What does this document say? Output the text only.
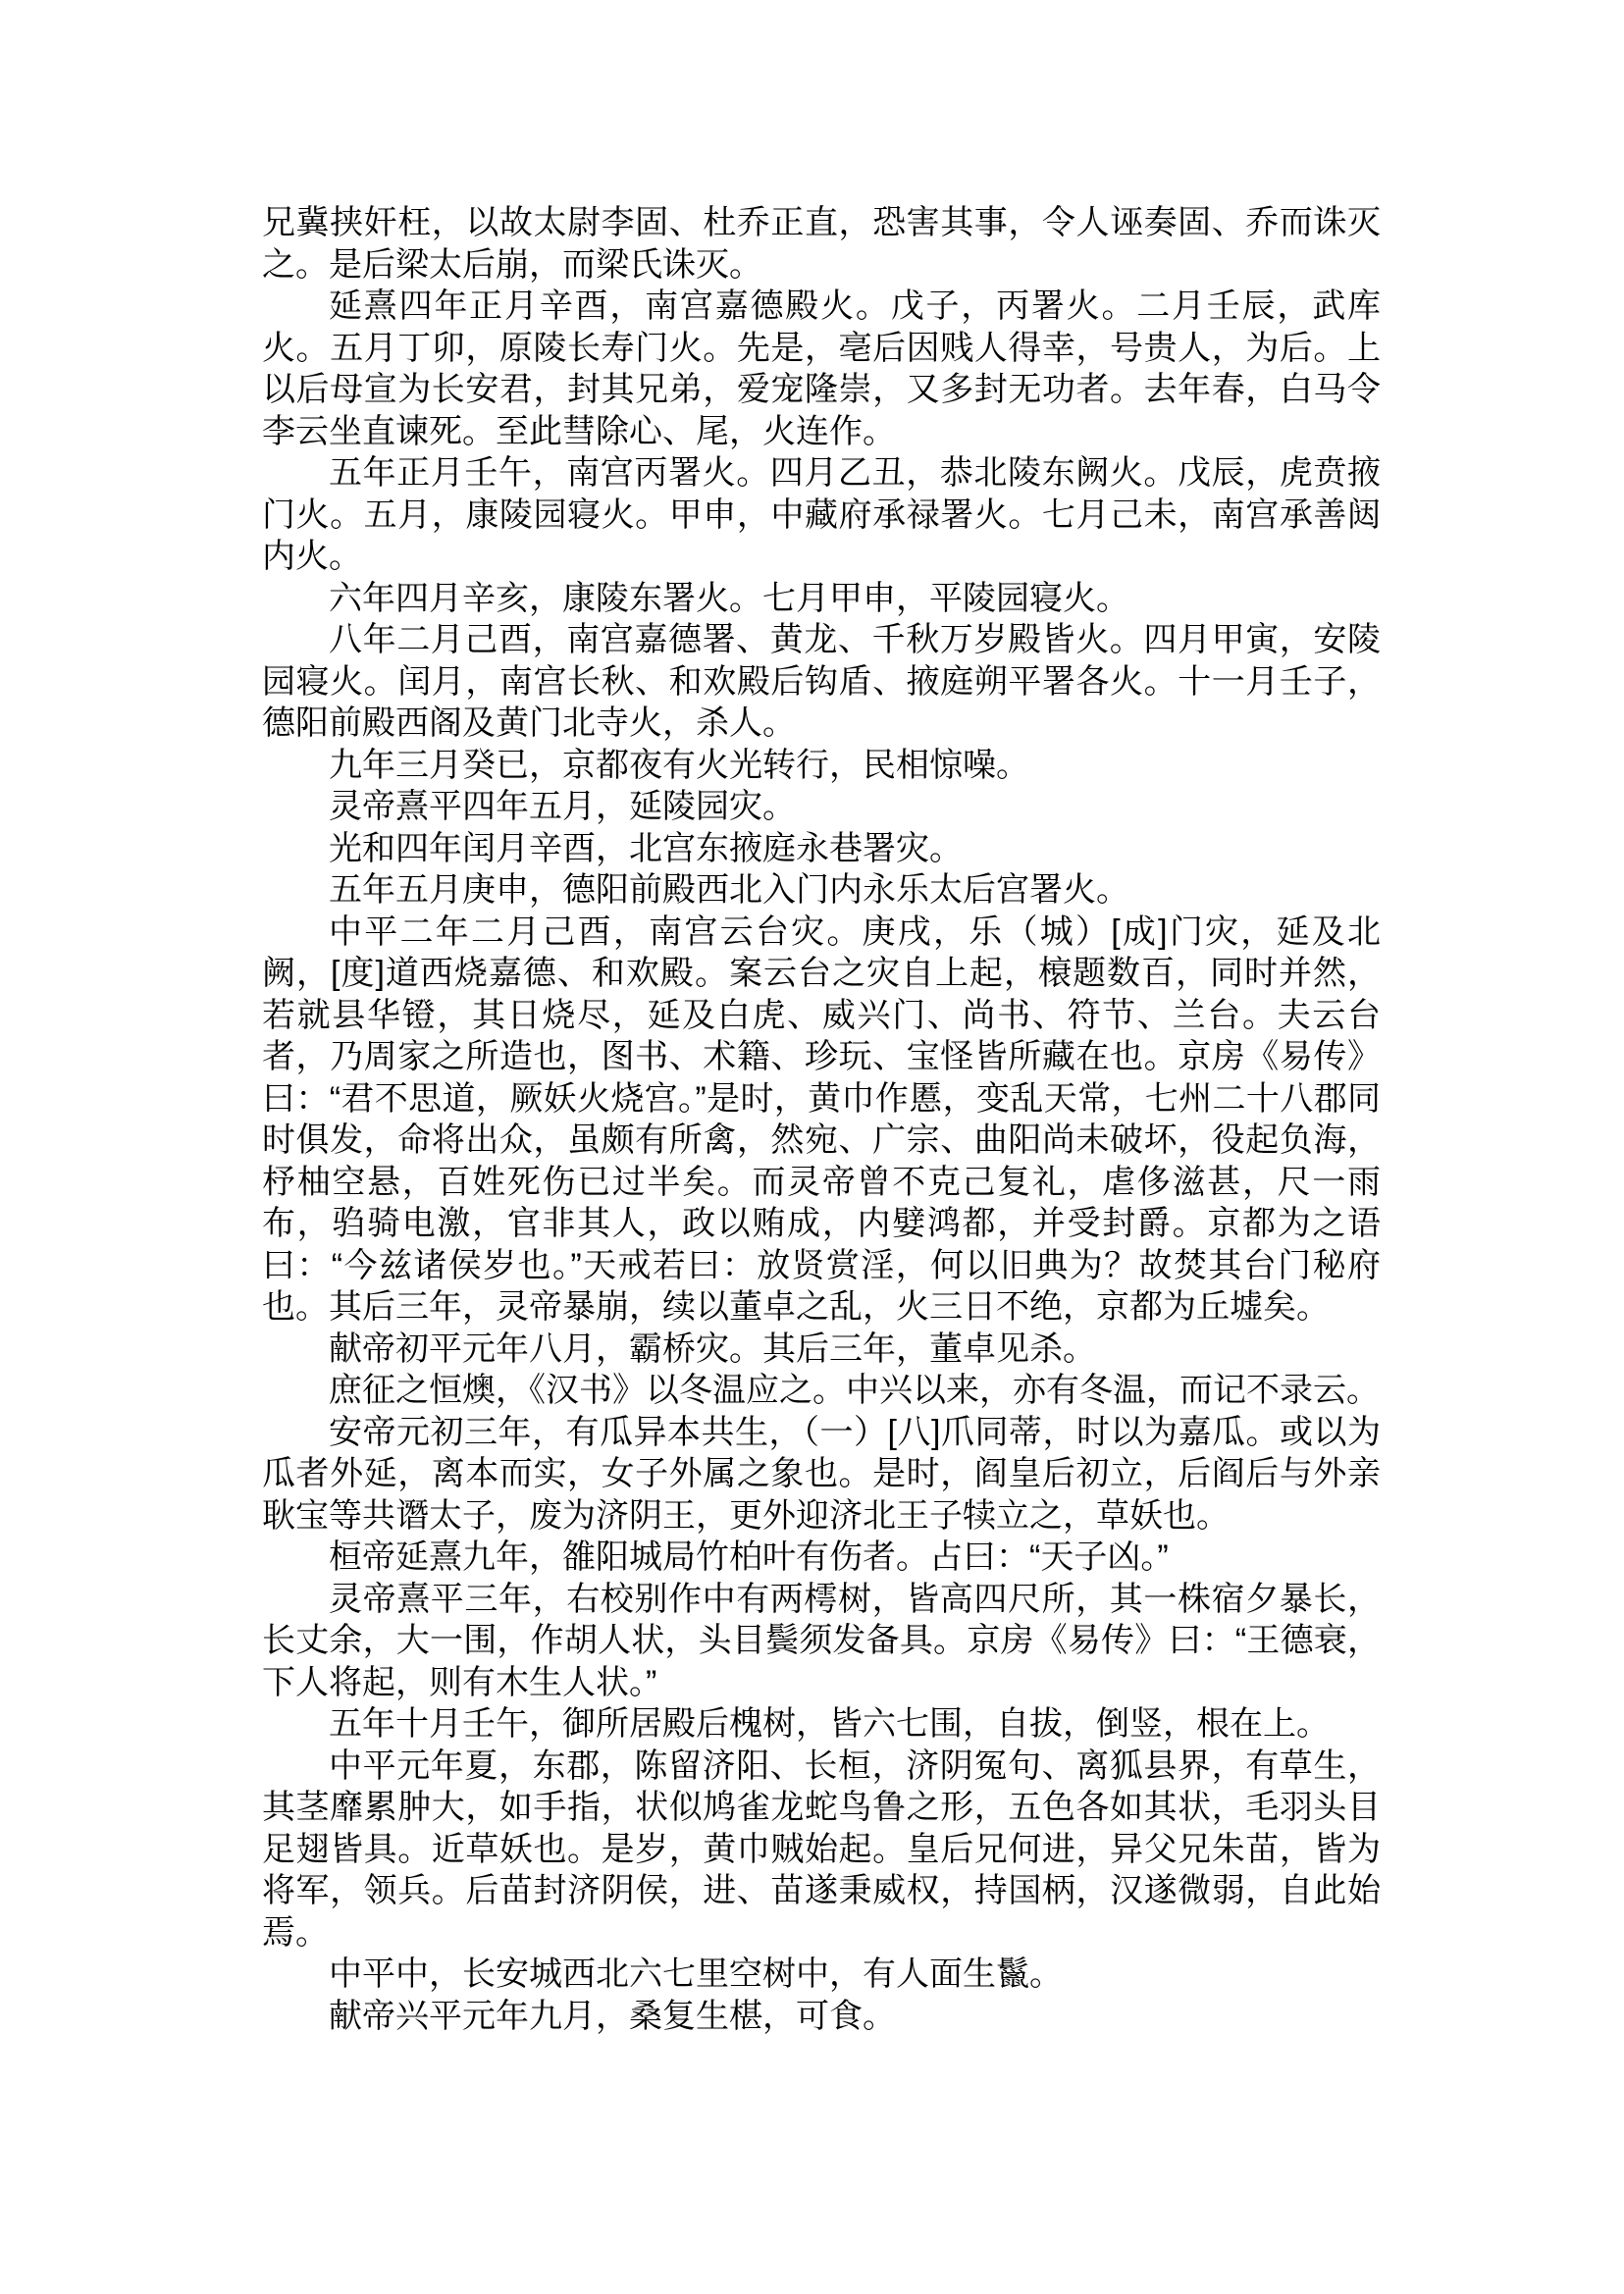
兄冀挟奸枉，以故太尉李固、杜乔正直，恐害其事，令人诬奏固、乔而诛灭之。是后梁太后崩，而梁氏诛灭。

延熹四年正月辛酉，南宫嘉德殿火。戊子，丙署火。二月壬辰，武库火。五月丁卯，原陵长寿门火。先是，亳后因贱人得幸，号贵人，为后。上以后母宣为长安君，封其兄弟，爱宠隆崇，又多封无功者。去年春，白马令李云坐直谏死。至此彗除心、尾，火连作。

五年正月壬午，南宫丙署火。四月乙丑，恭北陵东阙火。戊辰，虎贲掖门火。五月，康陵园寝火。甲申，中藏府承禄署火。七月己未，南宫承善闼内火。

六年四月辛亥，康陵东署火。七月甲申，平陵园寝火。

八年二月己酉，南宫嘉德署、黄龙、千秋万岁殿皆火。四月甲寅，安陵园寝火。闰月，南宫长秋、和欢殿后钩盾、掖庭朔平署各火。十一月壬子，德阳前殿西阁及黄门北寺火，杀人。

九年三月癸已，京都夜有火光转行，民相惊噪。

灵帝熹平四年五月，延陵园灾。

光和四年闰月辛酉，北宫东掖庭永巷署灾。

五年五月庚申，德阳前殿西北入门内永乐太后宫署火。

中平二年二月己酉，南宫云台灾。庚戌，乐（城）[成]门灾，延及北阙，[度]道西烧嘉德、和欢殿。案云台之灾自上起，榱题数百，同时并然，若就县华镫，其日烧尽，延及白虎、威兴门、尚书、符节、兰台。夫云台者，乃周家之所造也，图书、术籍、珍玩、宝怪皆所藏在也。京房《易传》曰：“君不思道，厥妖火烧宫。”是时，黄巾作慝，变乱天常，七州二十八郡同时俱发，命将出众，虽颇有所禽，然宛、广宗、曲阳尚未破坏，役起负海，杼柚空悬，百姓死伤已过半矣。而灵帝曾不克己复礼，虐侈滋甚，尺一雨布，驺骑电激，官非其人，政以贿成，内嬖鸿都，并受封爵。京都为之语曰：“今兹诸侯岁也。”天戒若曰：放贤赏淫，何以旧典为？故焚其台门秘府也。其后三年，灵帝暴崩，续以董卓之乱，火三日不绝，京都为丘墟矣。

献帝初平元年八月，霸桥灾。其后三年，董卓见杀。

庶征之恒燠，《汉书》以冬温应之。中兴以来，亦有冬温，而记不录云。

安帝元初三年，有瓜异本共生，（一）[八]爪同蒂，时以为嘉瓜。或以为瓜者外延，离本而实，女子外属之象也。是时，阎皇后初立，后阎后与外亲耿宝等共谮太子，废为济阴王，更外迎济北王子犊立之，草妖也。

桓帝延熹九年，雒阳城局竹柏叶有伤者。占曰：“天子凶。”

灵帝熹平三年，右校别作中有两樗树，皆高四尺所，其一株宿夕暴长，长丈余，大一围，作胡人状，头目鬓须发备具。京房《易传》曰：“王德衰，下人将起，则有木生人状。”

五年十月壬午，御所居殿后槐树，皆六七围，自拔，倒竖，根在上。

中平元年夏，东郡，陈留济阳、长桓，济阴冤句、离狐县界，有草生，其茎靡累肿大，如手指，状似鸠雀龙蛇鸟鲁之形，五色各如其状，毛羽头目足翅皆具。近草妖也。是岁，黄巾贼始起。皇后兄何进，异父兄朱苗，皆为将军，领兵。后苗封济阴侯，进、苗遂秉威权，持国柄，汉遂微弱，自此始焉。

中平中，长安城西北六七里空树中，有人面生鬣。

献帝兴平元年九月，桑复生椹，可食。
